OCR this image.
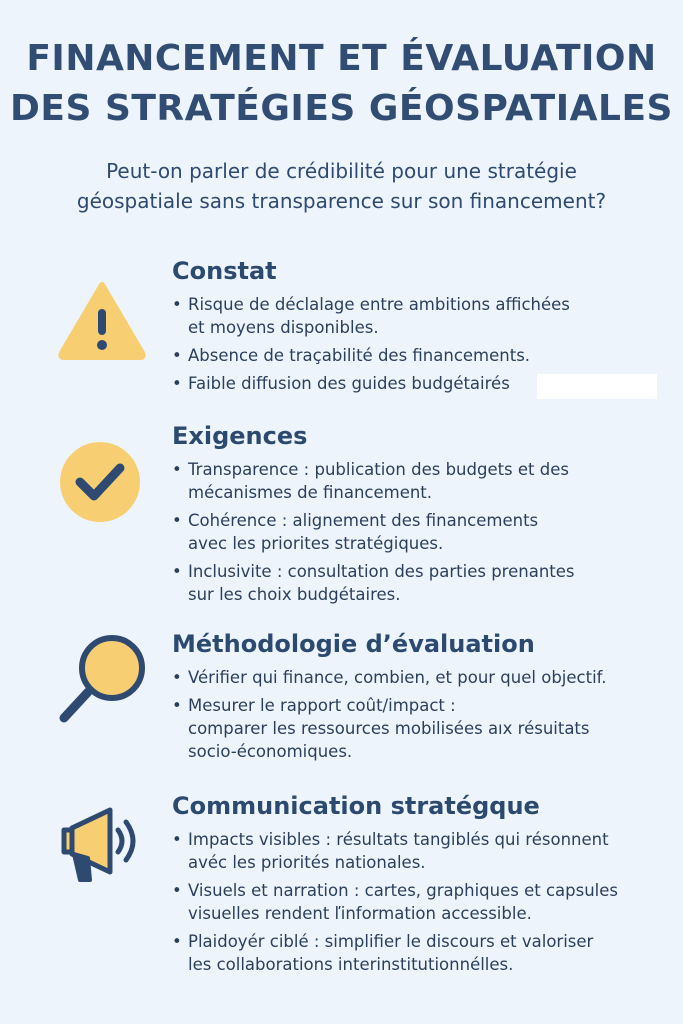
FINANCEMENT ET ÉVALUATION
DES STRATÉGIES GÉOSPATIALES

Peut-on parler de crédibilité pour une stratégie
géospatiale sans transparence sur son financement?

Constat
• Risque de déclalage entre ambitions affichées
et moyens disponibles.
• Absence de traçabilité des financements.
• Faible diffusion des guides budgétairés
Exigences
• Transparence : publication des budgets et des
mécanismes de financement.
• Cohérence : alignement des financements
avec les priorites stratégiques.
• Inclusivite : consultation des parties prenantes
sur les choix budgétaires.
Méthodologie d’évaluation
• Vérifier qui finance, combien, et pour quel objectif.
• Mesurer le rapport coût/impact :
comparer les ressources mobilisées aıx résuitats
socio-économiques.
Communication stratégque
• Impacts visibles : résultats tangiblés qui résonnent
avéc les priorités nationales.
• Visuels et narration : cartes, graphiques et capsules
visuelles rendent ľinformation accessible.
• Plaidoyér ciblé : simplifier le discours et valoriser
les collaborations interinstitutionnélles.
